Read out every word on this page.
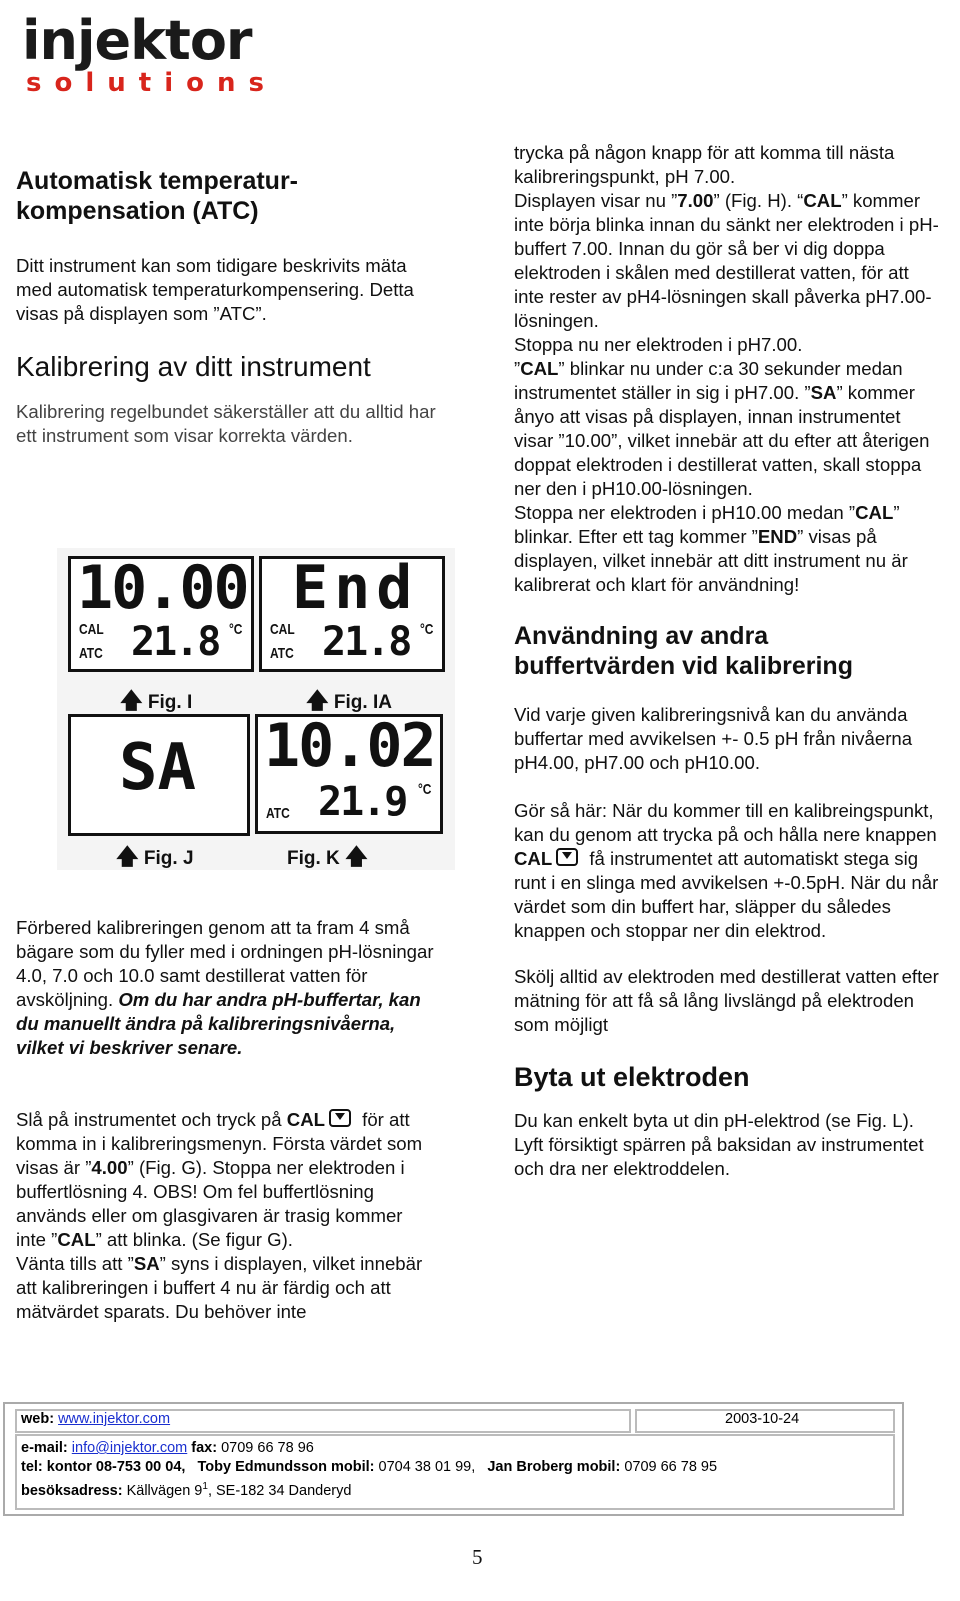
injektor
solutions
Automatisk temperatur-
kompensation (ATC)

Ditt instrument kan som tidigare beskrivits mäta med automatisk temperaturkompensering. Detta visas på displayen som ”ATC”.

Kalibrering av ditt instrument

Kalibrering regelbundet säkerställer att du alltid har ett instrument som visar korrekta värden.

10.00
CAL
ATC 21.8 °C
🡅 Fig. I
End
CAL
ATC 21.8 °C
🡅 Fig. IA
SA
🡅 Fig. J
10.02
ATC 21.9 °C
Fig. K 🡅

Förbered kalibreringen genom att ta fram 4 små bägare som du fyller med i ordningen pH-lösningar 4.0, 7.0 och 10.0 samt destillerat vatten för avsköljning. Om du har andra pH-buffertar, kan du manuellt ändra på kalibreringsnivåerna, vilket vi beskriver senare.

Slå på instrumentet och tryck på CAL för att komma in i kalibreringsmenyn. Första värdet som visas är ”4.00” (Fig. G). Stoppa ner elektroden i buffertlösning 4. OBS! Om fel buffertlösning används eller om glasgivaren är trasig kommer inte ”CAL” att blinka. (Se figur G).

Vänta tills att ”SA” syns i displayen, vilket innebär att kalibreringen i buffert 4 nu är färdig och att mätvärdet sparats. Du behöver inte

trycka på någon knapp för att komma till nästa kalibreringspunkt, pH 7.00.
Displayen visar nu ”7.00” (Fig. H). “CAL” kommer inte börja blinka innan du sänkt ner elektroden i pH-buffert 7.00. Innan du gör så ber vi dig doppa elektroden i skålen med destillerat vatten, för att inte rester av pH4-lösningen skall påverka pH7.00-lösningen.
Stoppa nu ner elektroden i pH7.00.
”CAL” blinkar nu under c:a 30 sekunder medan instrumentet ställer in sig i pH7.00. ”SA” kommer ånyo att visas på displayen, innan instrumentet visar ”10.00”, vilket innebär att du efter att återigen doppat elektroden i destillerat vatten, skall stoppa ner den i pH10.00-lösningen.
Stoppa ner elektroden i pH10.00 medan ”CAL” blinkar. Efter ett tag kommer ”END” visas på displayen, vilket innebär att ditt instrument nu är kalibrerat och klart för användning!

Användning av andra
buffertvärden vid kalibrering

Vid varje given kalibreringsnivå kan du använda buffertar med avvikelsen +- 0.5 pH från nivåerna pH4.00, pH7.00 och pH10.00.

Gör så här: När du kommer till en kalibreingspunkt, kan du genom att trycka på och hålla nere knappen CAL få instrumentet att automatiskt stega sig runt i en slinga med avvikelsen +-0.5pH. När du når värdet som din buffert har, släpper du således knappen och stoppar ner din elektrod.

Skölj alltid av elektroden med destillerat vatten efter mätning för att få så lång livslängd på elektroden som möjligt

Byta ut elektroden

Du kan enkelt byta ut din pH-elektrod (se Fig. L). Lyft försiktigt spärren på baksidan av instrumentet och dra ner elektroddelen.

web: www.injektor.com	2003-10-24
e-mail: info@injektor.com fax: 0709 66 78 96
tel: kontor 08-753 00 04, Toby Edmundsson mobil: 0704 38 01 99, Jan Broberg mobil: 0709 66 78 95
besöksadress: Källvägen $9^1$, SE-182 34 Danderyd
5
